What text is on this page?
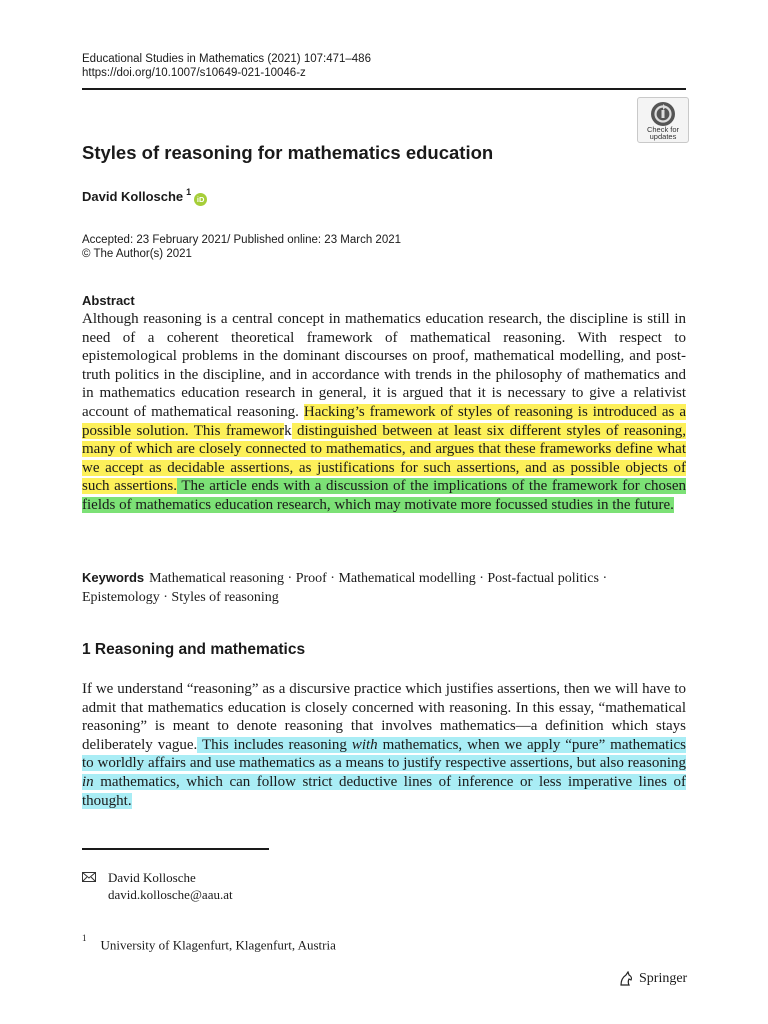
Educational Studies in Mathematics (2021) 107:471–486
https://doi.org/10.1007/s10649-021-10046-z
Check for
updates
Styles of reasoning for mathematics education
David Kollosche $^1$
iD
Accepted: 23 February 2021/ Published online: 23 March 2021
© The Author(s) 2021
Abstract
Although reasoning is a central concept in mathematics education research, the discipline is still in need of a coherent theoretical framework of mathematical reasoning. With respect to epistemological problems in the dominant discourses on proof, mathematical modelling, and post-truth politics in the discipline, and in accordance with trends in the philosophy of mathematics and in mathematics education research in general, it is argued that it is necessary to give a relativist account of mathematical reasoning. Hacking’s framework of styles of reasoning is introduced as a possible solution. This framework distinguished between at least six different styles of reasoning, many of which are closely connected to mathematics, and argues that these frameworks define what we accept as decidable assertions, as justifications for such assertions, and as possible objects of such assertions. The article ends with a discussion of the implications of the framework for chosen fields of mathematics education research, which may motivate more focussed studies in the future.
Keywords Mathematical reasoning · Proof · Mathematical modelling · Post-factual politics · Epistemology · Styles of reasoning
1 Reasoning and mathematics
If we understand “reasoning” as a discursive practice which justifies assertions, then we will have to admit that mathematics education is closely concerned with reasoning. In this essay, “mathematical reasoning” is meant to denote reasoning that involves mathematics—a definition which stays deliberately vague. This includes reasoning with mathematics, when we apply “pure” mathematics to worldly affairs and use mathematics as a means to justify respective assertions, but also reasoning in mathematics, which can follow strict deductive lines of inference or less imperative lines of thought.
David Kollosche
david.kollosche@aau.at
$^1$ University of Klagenfurt, Klagenfurt, Austria
Springer
